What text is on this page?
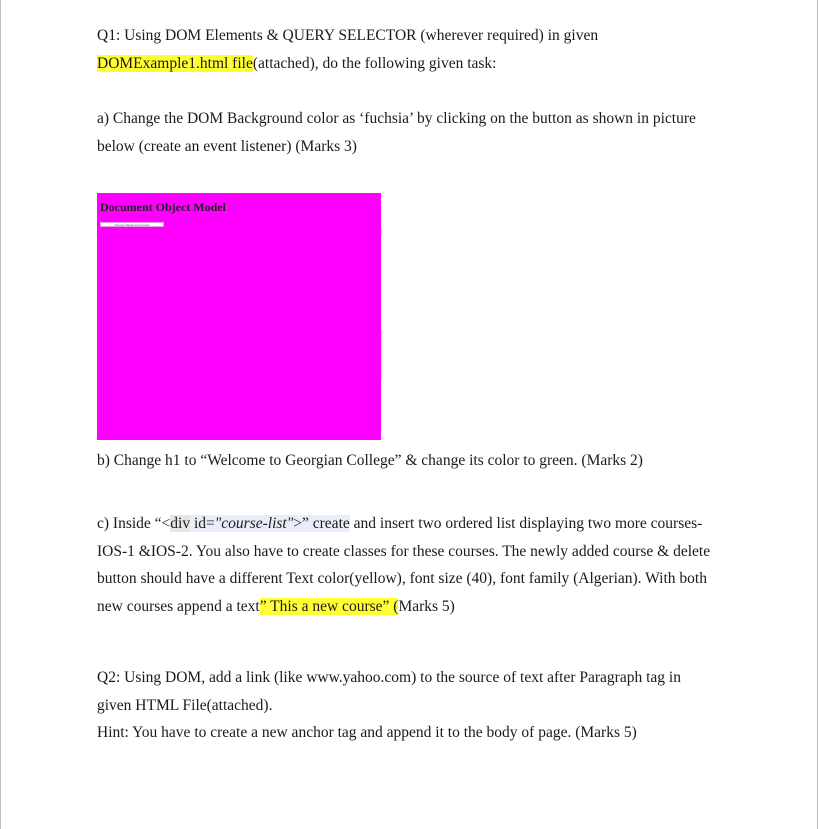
Q1: Using DOM Elements & QUERY SELECTOR (wherever required) in given
DOMExample1.html file(attached), do the following given task:
a) Change the DOM Background color as ‘fuchsia’ by clicking on the button as shown in picture
below (create an event listener) (Marks 3)
Document Object Model
Change Background Color
b) Change h1 to “Welcome to Georgian College” & change its color to green. (Marks 2)
c) Inside “<div id="course-list">” create and insert two ordered list displaying two more courses-
IOS-1 &IOS-2. You also have to create classes for these courses. The newly added course & delete
button should have a different Text color(yellow), font size (40), font family (Algerian). With both
new courses append a text” This a new course” (Marks 5)
Q2: Using DOM, add a link (like www.yahoo.com) to the source of text after Paragraph tag in
given HTML File(attached).
Hint: You have to create a new anchor tag and append it to the body of page. (Marks 5)
